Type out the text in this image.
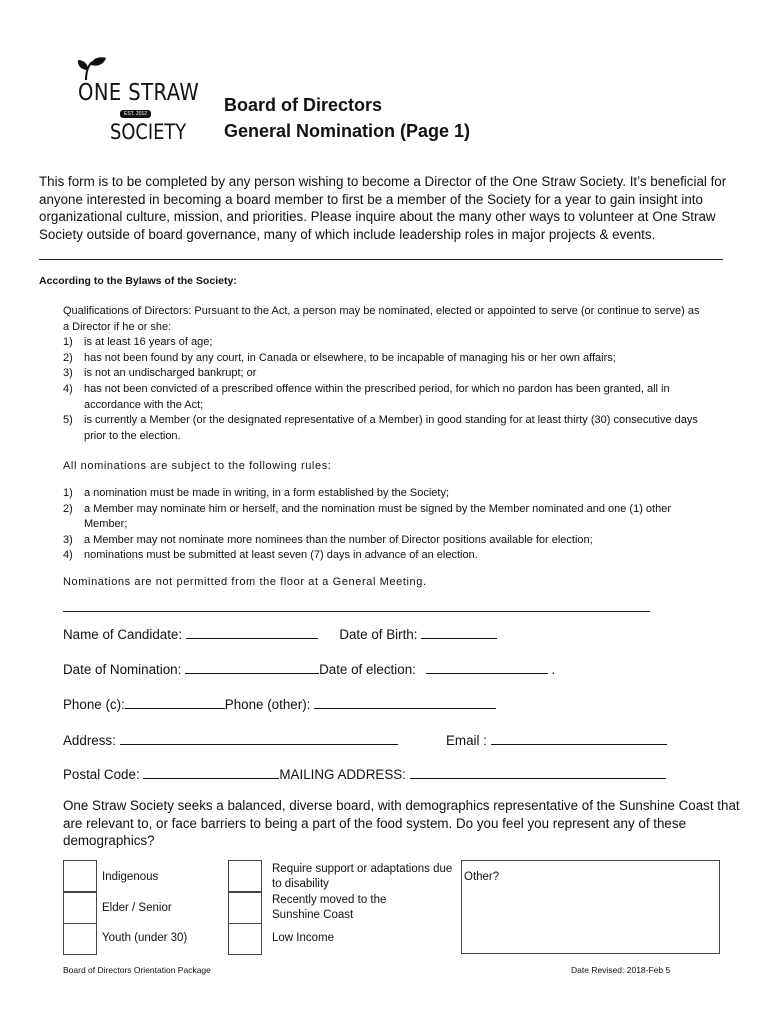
ONE STRAW
EST. 2012
SOCIETY
Board of Directors
General Nomination (Page 1)
This form is to be completed by any person wishing to become a Director of the One Straw Society. It’s beneficial for anyone interested in becoming a board member to first be a member of the Society for a year to gain insight into organizational culture, mission, and priorities. Please inquire about the many other ways to volunteer at One Straw Society outside of board governance, many of which include leadership roles in major projects & events.
According to the Bylaws of the Society:
Qualifications of Directors: Pursuant to the Act, a person may be nominated, elected or appointed to serve (or continue to serve) as a Director if he or she:
1) is at least 16 years of age;
2) has not been found by any court, in Canada or elsewhere, to be incapable of managing his or her own affairs;
3) is not an undischarged bankrupt; or
4) has not been convicted of a prescribed offence within the prescribed period, for which no pardon has been granted, all in accordance with the Act;
5) is currently a Member (or the designated representative of a Member) in good standing for at least thirty (30) consecutive days prior to the election.
All nominations are subject to the following rules:
1) a nomination must be made in writing, in a form established by the Society;
2) a Member may nominate him or herself, and the nomination must be signed by the Member nominated and one (1) other Member;
3) a Member may not nominate more nominees than the number of Director positions available for election;
4) nominations must be submitted at least seven (7) days in advance of an election.
Nominations are not permitted from the floor at a General Meeting.
Name of Candidate:	Date of Birth:
Date of Nomination:	Date of election:	.
Phone (c):	Phone (other):
Address:	Email :
Postal Code:	MAILING ADDRESS:
One Straw Society seeks a balanced, diverse board, with demographics representative of the Sunshine Coast that are relevant to, or face barriers to being a part of the food system. Do you feel you represent any of these demographics?
Indigenous
Elder / Senior
Youth (under 30)
Require support or adaptations due to disability
Recently moved to the Sunshine Coast
Low Income
Other?
Board of Directors Orientation Package	Date Revised: 2018-Feb 5
